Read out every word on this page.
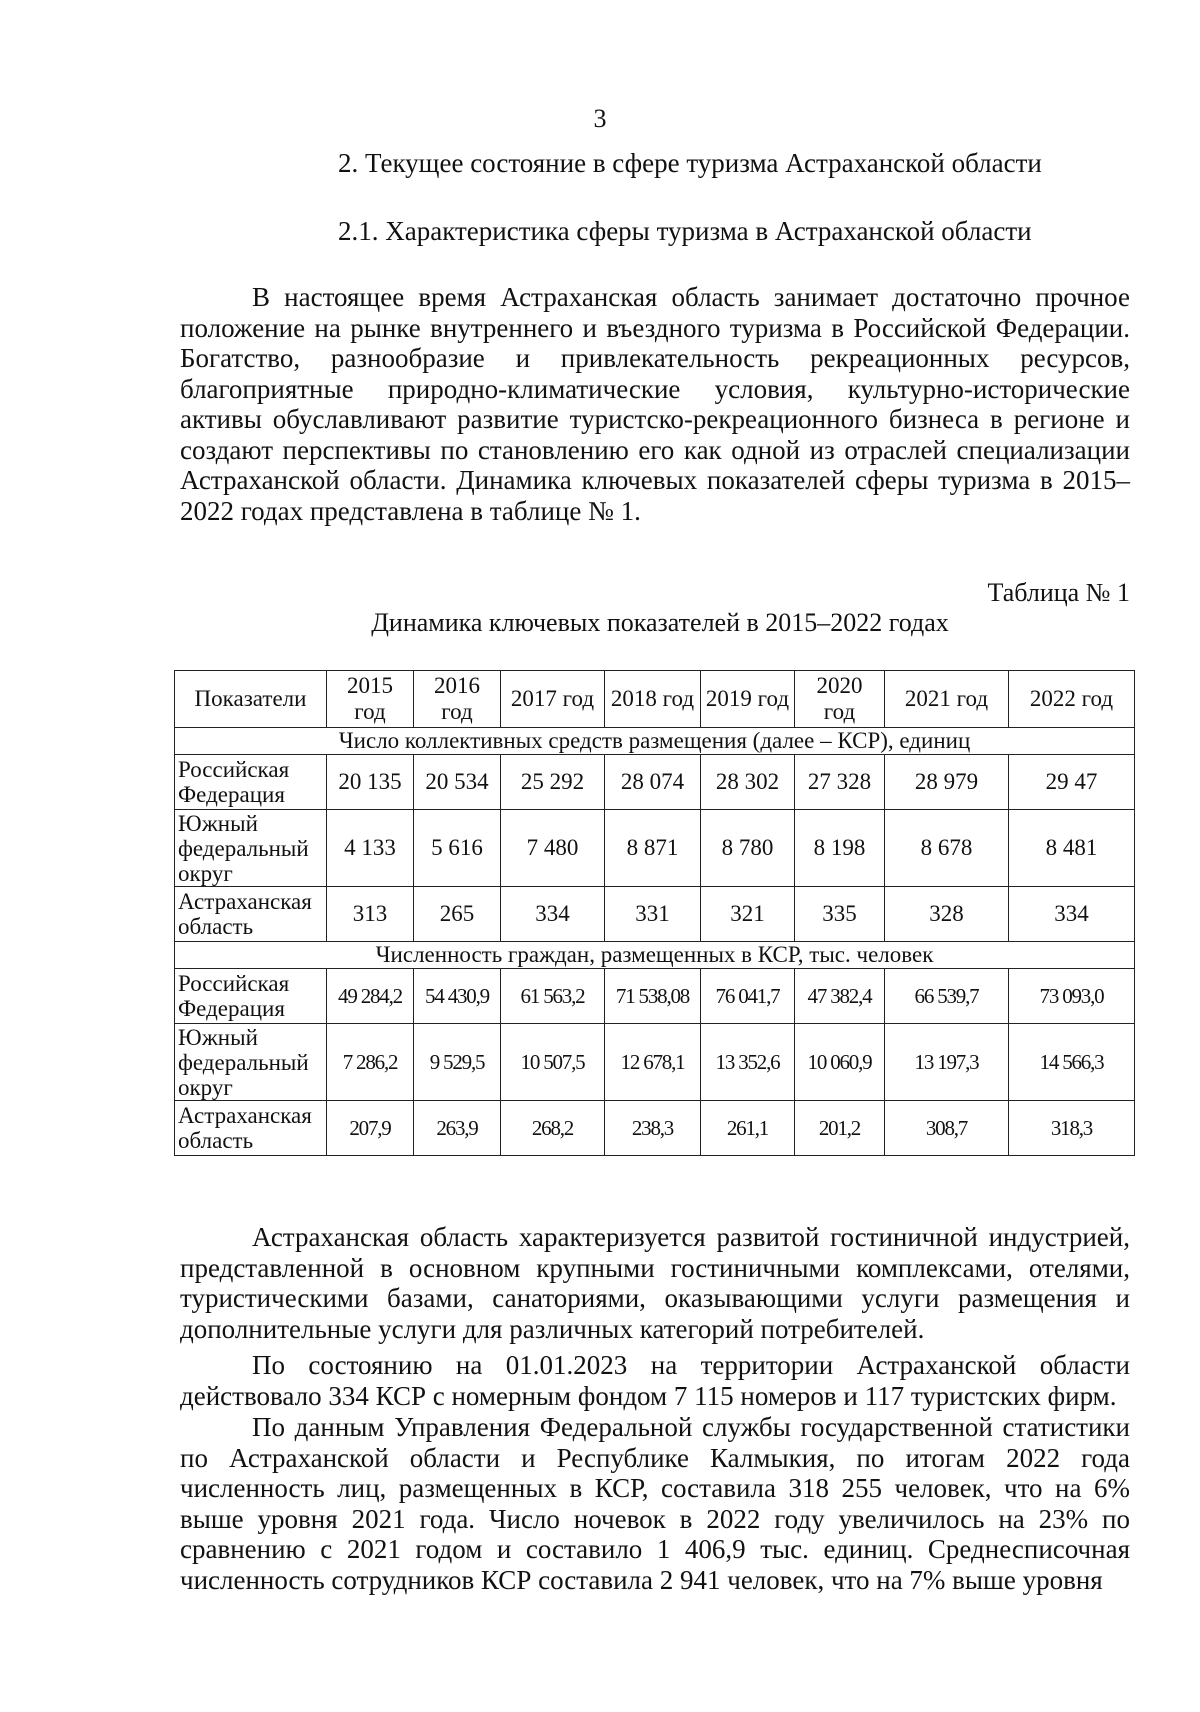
3
2. Текущее состояние в сфере туризма Астраханской области
2.1. Характеристика сферы туризма в Астраханской области

В настоящее время Астраханская область занимает достаточно прочное положение на рынке внутреннего и въездного туризма в Российской Федерации. Богатство, разнообразие и привлекательность рекреационных ресурсов, благоприятные природно-климатические условия, культурно-исторические активы обуславливают развитие туристско-рекреационного бизнеса в регионе и создают перспективы по становлению его как одной из отраслей специализации Астраханской области. Динамика ключевых показателей сферы туризма в 2015–2022 годах представлена в таблице № 1.

Таблица № 1
Динамика ключевых показателей в 2015–2022 годах
Показатели	2015 год	2016 год	2017 год	2018 год	2019 год	2020 год	2021 год	2022 год
Число коллективных средств размещения (далее – КСР), единиц								
Российская Федерация	20 135	20 534	25 292	28 074	28 302	27 328	28 979	29 47
Южный федеральный округ	4 133	5 616	7 480	8 871	8 780	8 198	8 678	8 481
Астраханская область	313	265	334	331	321	335	328	334
Численность граждан, размещенных в КСР, тыс. человек								
Российская Федерация	49 284,2	54 430,9	61 563,2	71 538,08	76 041,7	47 382,4	66 539,7	73 093,0
Южный федеральный округ	7 286,2	9 529,5	10 507,5	12 678,1	13 352,6	10 060,9	13 197,3	14 566,3
Астраханская область	207,9	263,9	268,2	238,3	261,1	201,2	308,7	318,3

Астраханская область характеризуется развитой гостиничной индустрией, представленной в основном крупными гостиничными комплексами, отелями, туристическими базами, санаториями, оказывающими услуги размещения и дополнительные услуги для различных категорий потребителей.

По состоянию на 01.01.2023 на территории Астраханской области действовало 334 КСР с номерным фондом 7 115 номеров и 117 туристских фирм.

По данным Управления Федеральной службы государственной статистики по Астраханской области и Республике Калмыкия, по итогам 2022 года численность лиц, размещенных в КСР, составила 318 255 человек, что на 6% выше уровня 2021 года. Число ночевок в 2022 году увеличилось на 23% по сравнению с 2021 годом и составило 1 406,9 тыс. единиц. Среднесписочная численность сотрудников КСР составила 2 941 человек, что на 7% выше уровня
